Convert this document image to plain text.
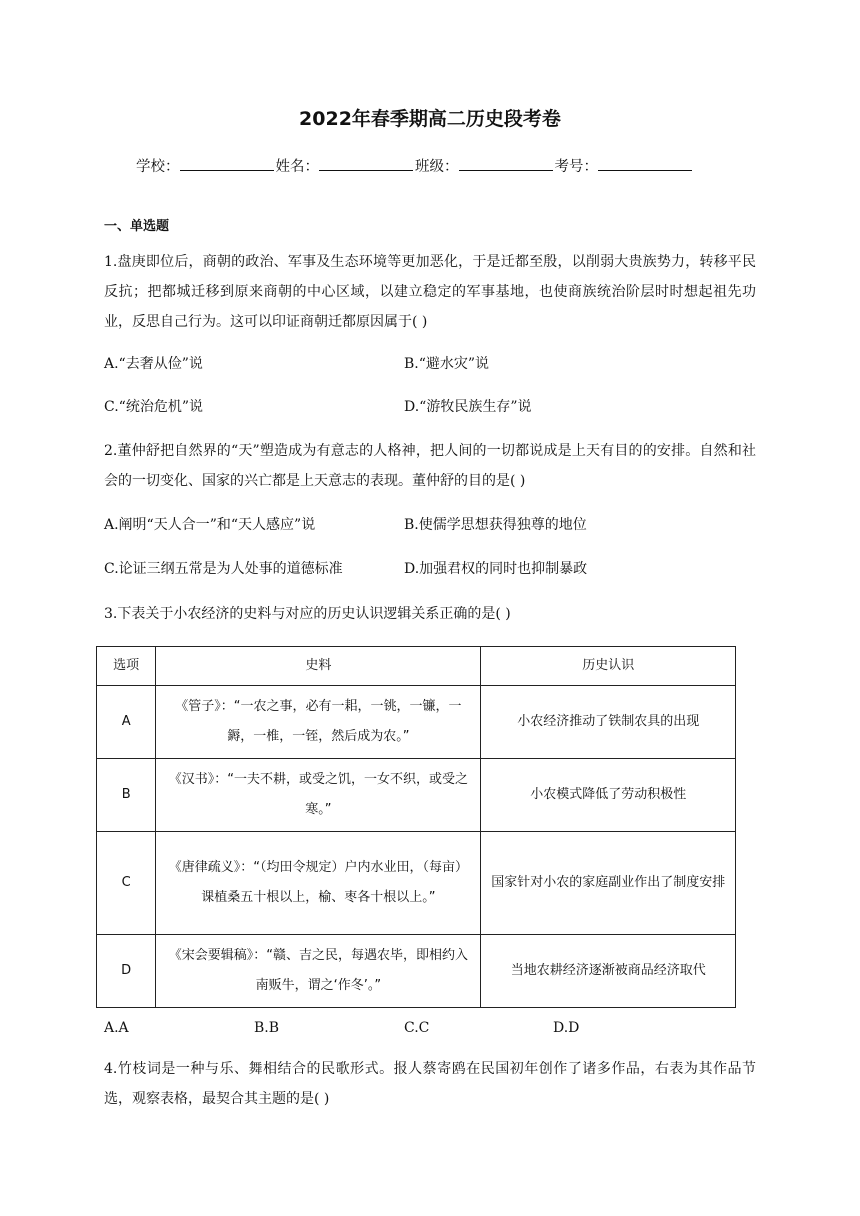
2022年春季期高二历史段考卷
学校：	姓名：	班级：	考号：
一、单选题
1.盘庚即位后，商朝的政治、军事及生态环境等更加恶化，于是迁都至殷，以削弱大贵族势力，转移平民反抗；把都城迁移到原来商朝的中心区域，以建立稳定的军事基地，也使商族统治阶层时时想起祖先功业，反思自己行为。这可以印证商朝迁都原因属于( )
A.“去奢从俭”说	B.“避水灾”说
C.“统治危机”说	D.“游牧民族生存”说
2.董仲舒把自然界的“天”塑造成为有意志的人格神，把人间的一切都说成是上天有目的的安排。自然和社会的一切变化、国家的兴亡都是上天意志的表现。董仲舒的目的是( )
A.阐明“天人合一”和“天人感应”说	B.使儒学思想获得独尊的地位
C.论证三纲五常是为人处事的道德标准	D.加强君权的同时也抑制暴政
3.下表关于小农经济的史料与对应的历史认识逻辑关系正确的是( )
选项	史料	历史认识
A	《管子》：“一农之事，必有一耜，一铫，一镰，一鎒，一椎，一铚，然后成为农。”	小农经济推动了铁制农具的出现
B	《汉书》：“一夫不耕，或受之饥，一女不织，或受之寒。”	小农模式降低了劳动积极性
C	《唐律疏义》：“（均田令规定）户内水业田，（每亩）课植桑五十根以上，榆、枣各十根以上。”	国家针对小农的家庭副业作出了制度安排
D	《宋会要辑稿》：“赣、吉之民，每遇农毕，即相约入南贩牛，谓之‘作冬’。”	当地农耕经济逐渐被商品经济取代
A.A	B.B	C.C	D.D
4.竹枝词是一种与乐、舞相结合的民歌形式。报人蔡寄鸥在民国初年创作了诸多作品，右表为其作品节选，观察表格，最契合其主题的是( )
